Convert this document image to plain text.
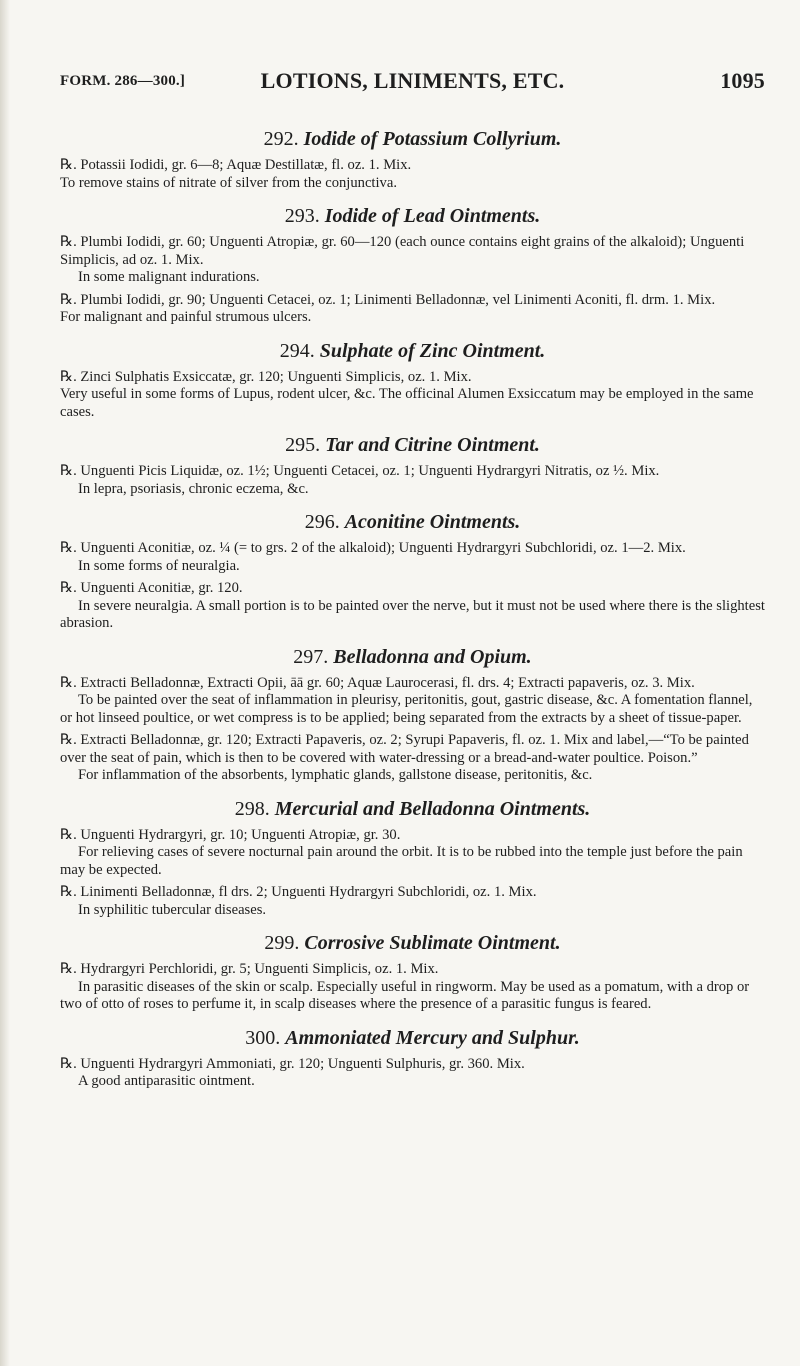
FORM. 286—300.]	LOTIONS, LINIMENTS, ETC.	1095
292. Iodide of Potassium Collyrium.

℞. Potassii Iodidi, gr. 6—8; Aquæ Destillatæ, fl. oz. 1. Mix.

To remove stains of nitrate of silver from the conjunctiva.

293. Iodide of Lead Ointments.

℞. Plumbi Iodidi, gr. 60; Unguenti Atropiæ, gr. 60—120 (each ounce contains eight grains of the alkaloid); Unguenti Simplicis, ad oz. 1. Mix.

In some malignant indurations.

℞. Plumbi Iodidi, gr. 90; Unguenti Cetacei, oz. 1; Linimenti Belladonnæ, vel Linimenti Aconiti, fl. drm. 1. Mix.

For malignant and painful strumous ulcers.

294. Sulphate of Zinc Ointment.

℞. Zinci Sulphatis Exsiccatæ, gr. 120; Unguenti Simplicis, oz. 1. Mix.

Very useful in some forms of Lupus, rodent ulcer, &c. The officinal Alumen Exsiccatum may be employed in the same cases.

295. Tar and Citrine Ointment.

℞. Unguenti Picis Liquidæ, oz. 1½; Unguenti Cetacei, oz. 1; Unguenti Hydrargyri Nitratis, oz ½. Mix.

In lepra, psoriasis, chronic eczema, &c.

296. Aconitine Ointments.

℞. Unguenti Aconitiæ, oz. ¼ (= to grs. 2 of the alkaloid); Unguenti Hydrargyri Subchloridi, oz. 1—2. Mix.

In some forms of neuralgia.

℞. Unguenti Aconitiæ, gr. 120.

In severe neuralgia. A small portion is to be painted over the nerve, but it must not be used where there is the slightest abrasion.

297. Belladonna and Opium.

℞. Extracti Belladonnæ, Extracti Opii, āā gr. 60; Aquæ Laurocerasi, fl. drs. 4; Extracti papaveris, oz. 3. Mix.

To be painted over the seat of inflammation in pleurisy, peritonitis, gout, gastric disease, &c. A fomentation flannel, or hot linseed poultice, or wet compress is to be applied; being separated from the extracts by a sheet of tissue-paper.

℞. Extracti Belladonnæ, gr. 120; Extracti Papaveris, oz. 2; Syrupi Papaveris, fl. oz. 1. Mix and label,—“To be painted over the seat of pain, which is then to be covered with water-dressing or a bread-and-water poultice. Poison.”

For inflammation of the absorbents, lymphatic glands, gallstone disease, peritonitis, &c.

298. Mercurial and Belladonna Ointments.

℞. Unguenti Hydrargyri, gr. 10; Unguenti Atropiæ, gr. 30.

For relieving cases of severe nocturnal pain around the orbit. It is to be rubbed into the temple just before the pain may be expected.

℞. Linimenti Belladonnæ, fl drs. 2; Unguenti Hydrargyri Subchloridi, oz. 1. Mix.

In syphilitic tubercular diseases.

299. Corrosive Sublimate Ointment.

℞. Hydrargyri Perchloridi, gr. 5; Unguenti Simplicis, oz. 1. Mix.

In parasitic diseases of the skin or scalp. Especially useful in ringworm. May be used as a pomatum, with a drop or two of otto of roses to perfume it, in scalp diseases where the presence of a parasitic fungus is feared.

300. Ammoniated Mercury and Sulphur.

℞. Unguenti Hydrargyri Ammoniati, gr. 120; Unguenti Sulphuris, gr. 360. Mix.

A good antiparasitic ointment.
